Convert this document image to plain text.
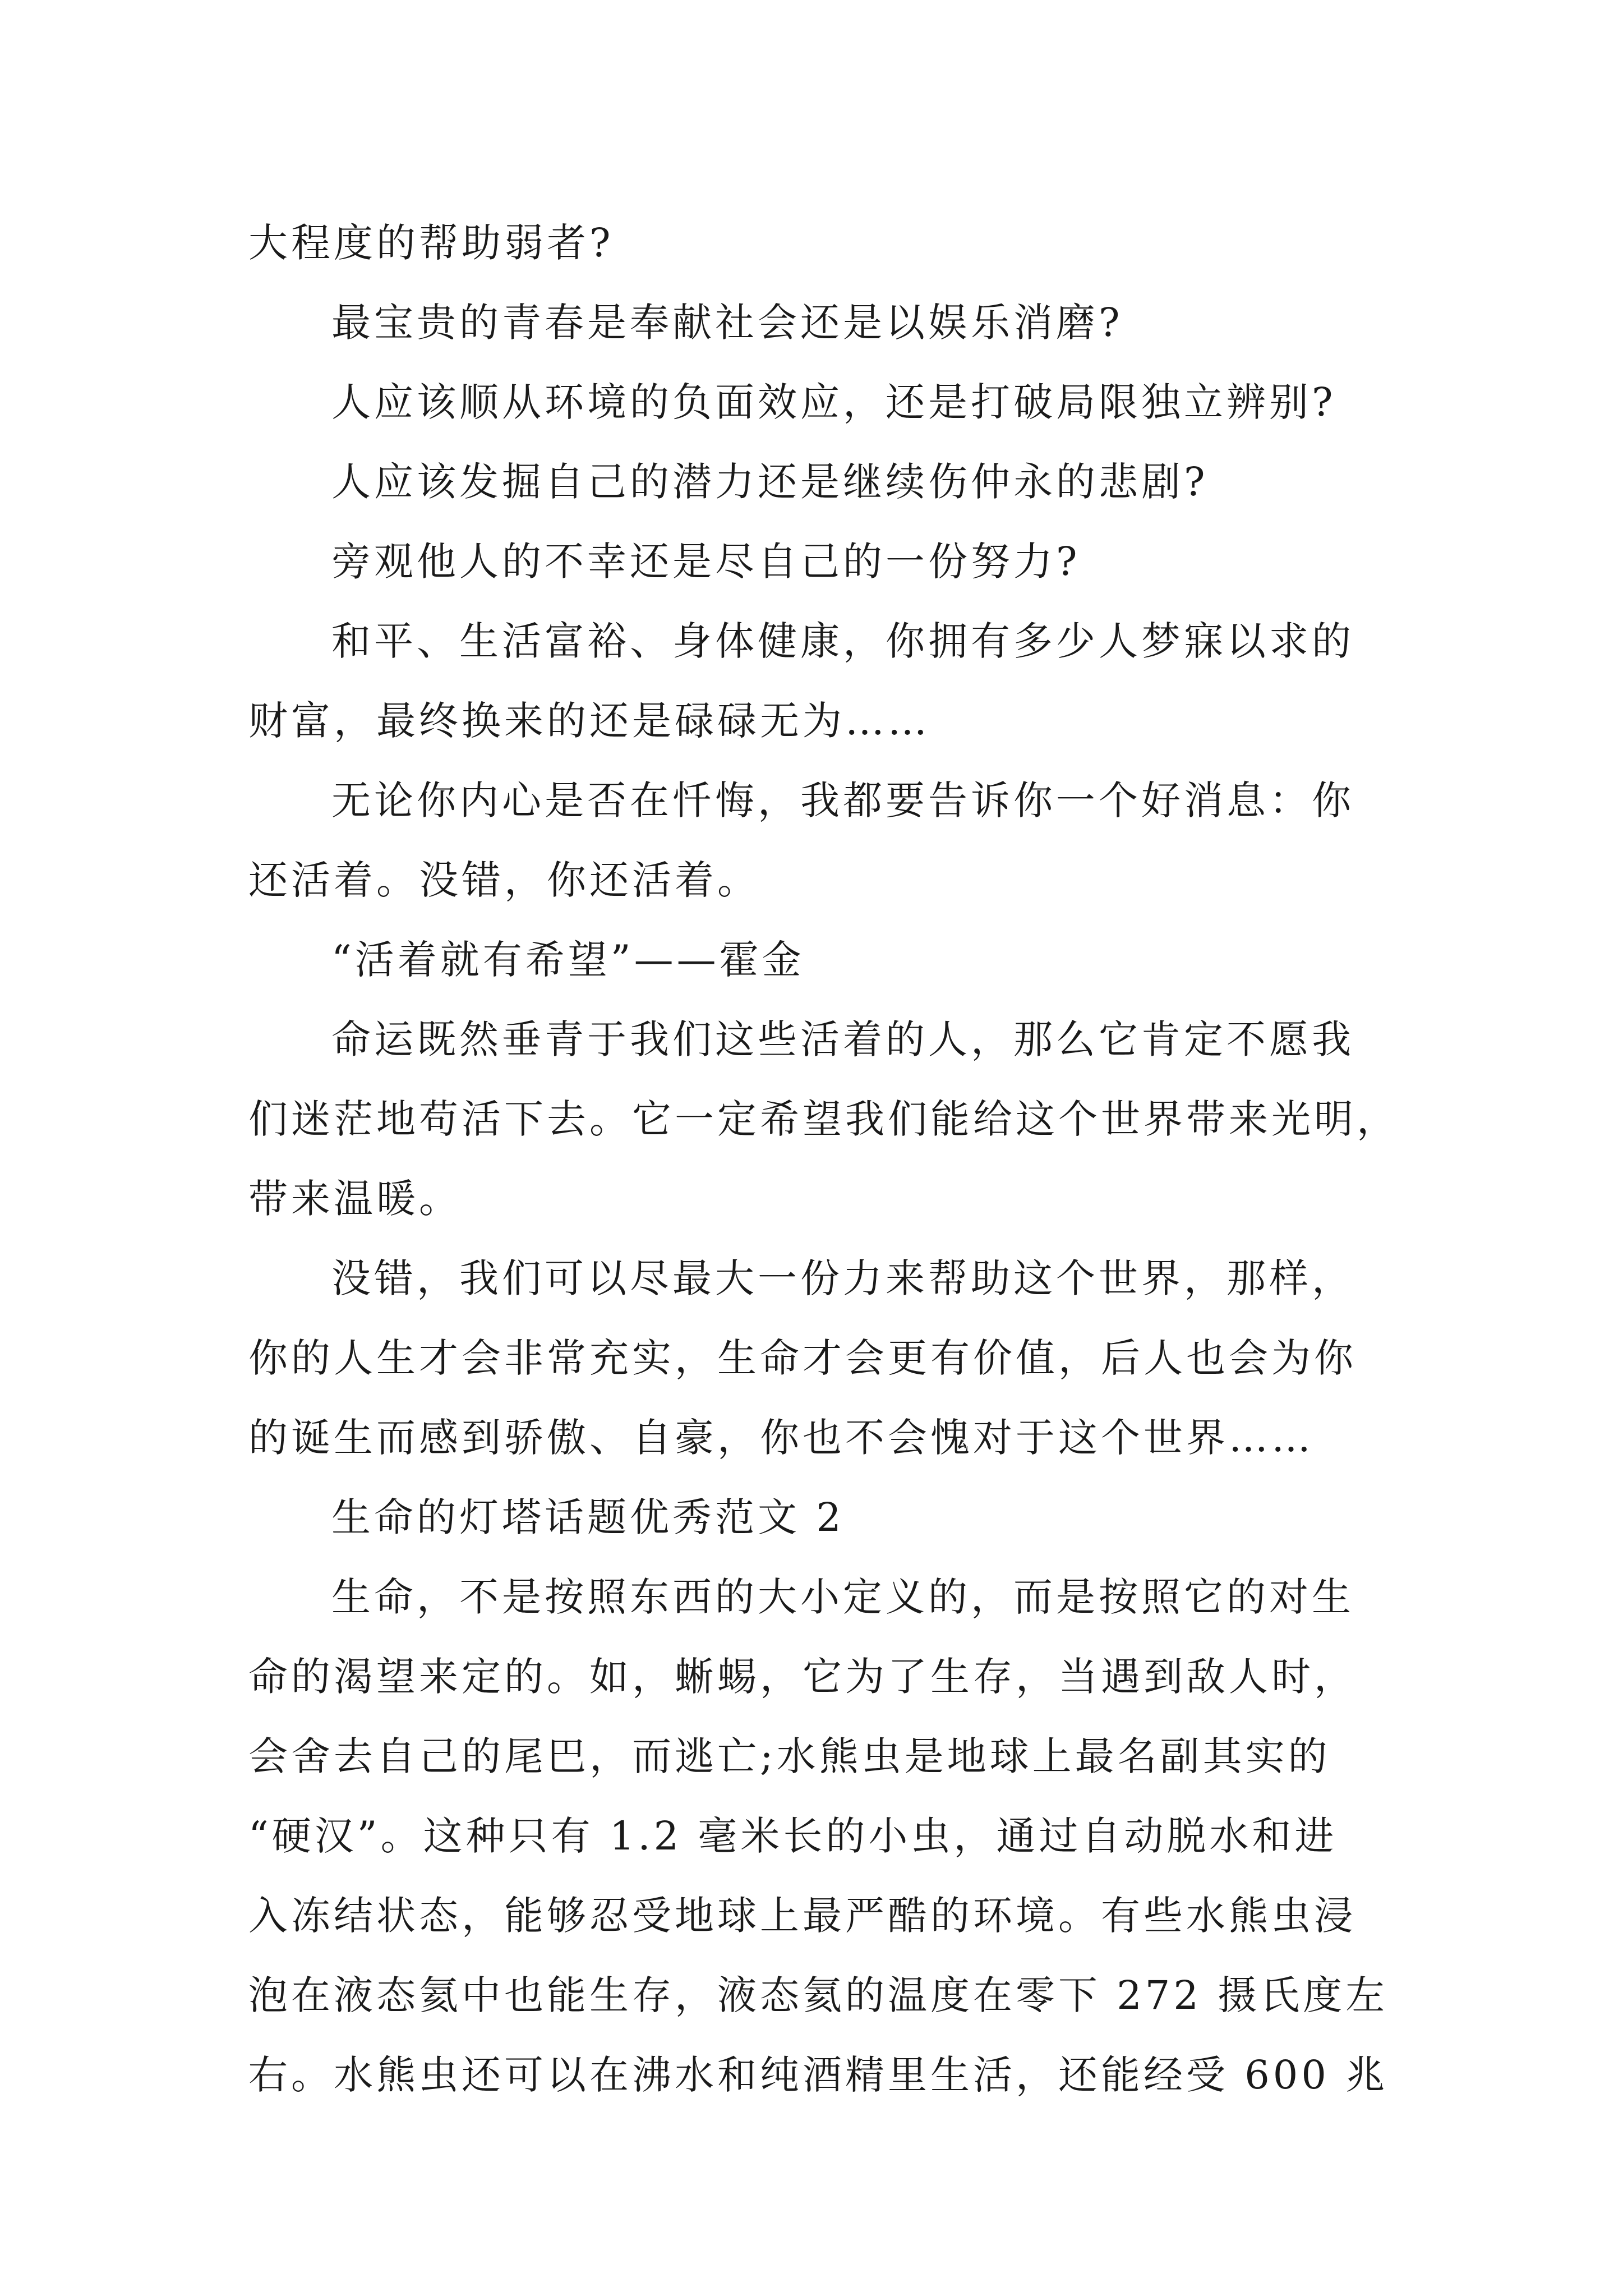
大程度的帮助弱者?
最宝贵的青春是奉献社会还是以娱乐消磨?
人应该顺从环境的负面效应，还是打破局限独立辨别?
人应该发掘自己的潜力还是继续伤仲永的悲剧?
旁观他人的不幸还是尽自己的一份努力?
和平、生活富裕、身体健康，你拥有多少人梦寐以求的
财富，最终换来的还是碌碌无为……
无论你内心是否在忏悔，我都要告诉你一个好消息：你
还活着。没错，你还活着。
“活着就有希望”——霍金
命运既然垂青于我们这些活着的人，那么它肯定不愿我
们迷茫地苟活下去。它一定希望我们能给这个世界带来光明，
带来温暖。
没错，我们可以尽最大一份力来帮助这个世界，那样，
你的人生才会非常充实，生命才会更有价值，后人也会为你
的诞生而感到骄傲、自豪，你也不会愧对于这个世界……
生命的灯塔话题优秀范文 2
生命，不是按照东西的大小定义的，而是按照它的对生
命的渴望来定的。如，蜥蜴，它为了生存，当遇到敌人时，
会舍去自己的尾巴，而逃亡;水熊虫是地球上最名副其实的
“硬汉”。这种只有 1.2 毫米长的小虫，通过自动脱水和进
入冻结状态，能够忍受地球上最严酷的环境。有些水熊虫浸
泡在液态氦中也能生存，液态氦的温度在零下 272 摄氏度左
右。水熊虫还可以在沸水和纯酒精里生活，还能经受 600 兆
